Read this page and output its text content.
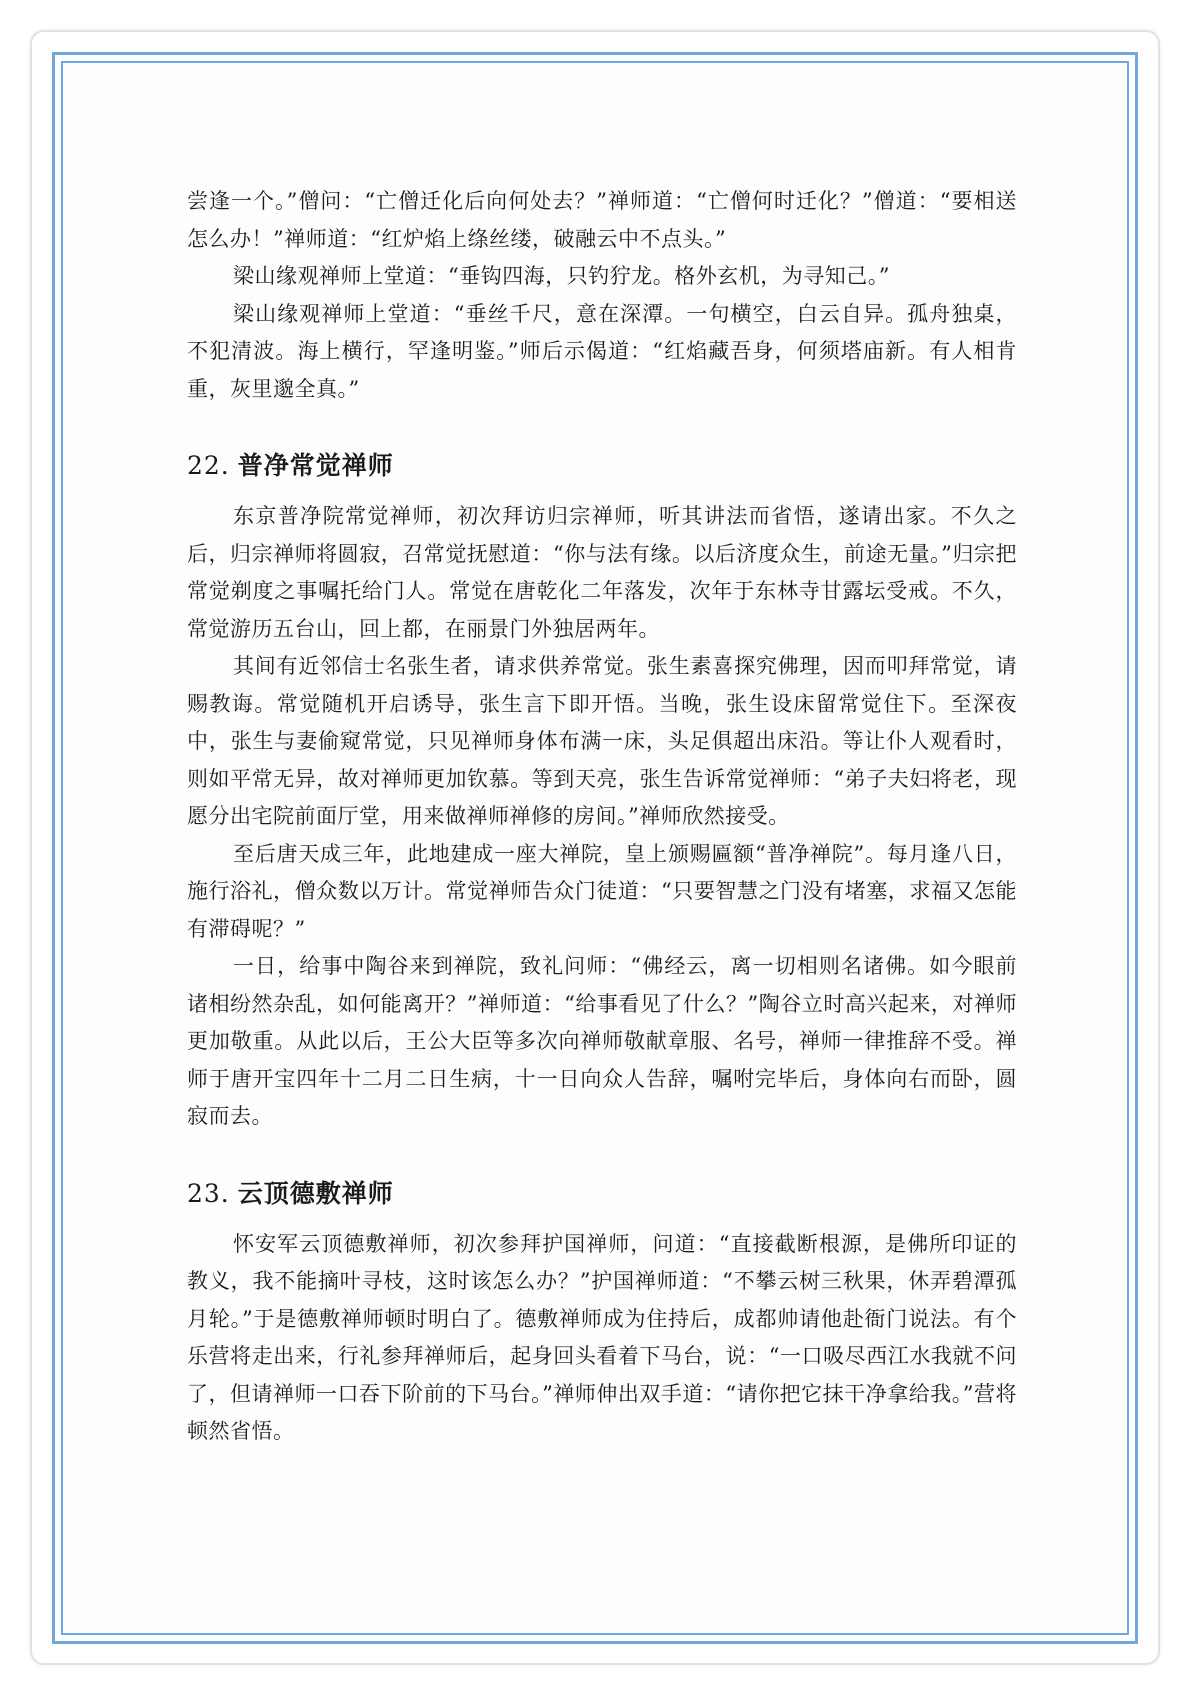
尝逢一个。”僧问：“亡僧迁化后向何处去？”禅师道：“亡僧何时迁化？”僧道：“要相送怎么办！”禅师道：“红炉焰上绦丝缕，破融云中不点头。”

梁山缘观禅师上堂道：“垂钩四海，只钓狞龙。格外玄机，为寻知己。”

梁山缘观禅师上堂道：“垂丝千尺，意在深潭。一句横空，白云自异。孤舟独桌，不犯清波。海上横行，罕逢明鉴。”师后示偈道：“红焰藏吾身，何须塔庙新。有人相肯重，灰里邈全真。”

22. 普净常觉禅师

东京普净院常觉禅师，初次拜访归宗禅师，听其讲法而省悟，遂请出家。不久之后，归宗禅师将圆寂，召常觉抚慰道：“你与法有缘。以后济度众生，前途无量。”归宗把常觉剃度之事嘱托给门人。常觉在唐乾化二年落发，次年于东林寺甘露坛受戒。不久，常觉游历五台山，回上都，在丽景门外独居两年。

其间有近邻信士名张生者，请求供养常觉。张生素喜探究佛理，因而叩拜常觉，请赐教诲。常觉随机开启诱导，张生言下即开悟。当晚，张生设床留常觉住下。至深夜中，张生与妻偷窥常觉，只见禅师身体布满一床，头足俱超出床沿。等让仆人观看时，则如平常无异，故对禅师更加钦慕。等到天亮，张生告诉常觉禅师：“弟子夫妇将老，现愿分出宅院前面厅堂，用来做禅师禅修的房间。”禅师欣然接受。

至后唐天成三年，此地建成一座大禅院，皇上颁赐匾额“普净禅院”。每月逢八日，施行浴礼，僧众数以万计。常觉禅师告众门徒道：“只要智慧之门没有堵塞，求福又怎能有滞碍呢？”

一日，给事中陶谷来到禅院，致礼问师：“佛经云，离一切相则名诸佛。如今眼前诸相纷然杂乱，如何能离开？”禅师道：“给事看见了什么？”陶谷立时高兴起来，对禅师更加敬重。从此以后，王公大臣等多次向禅师敬献章服、名号，禅师一律推辞不受。禅师于唐开宝四年十二月二日生病，十一日向众人告辞，嘱咐完毕后，身体向右而卧，圆寂而去。

23. 云顶德敷禅师

怀安军云顶德敷禅师，初次参拜护国禅师，问道：“直接截断根源，是佛所印证的教义，我不能摘叶寻枝，这时该怎么办？”护国禅师道：“不攀云树三秋果，休弄碧潭孤月轮。”于是德敷禅师顿时明白了。德敷禅师成为住持后，成都帅请他赴衙门说法。有个乐营将走出来，行礼参拜禅师后，起身回头看着下马台，说：“一口吸尽西江水我就不问了，但请禅师一口吞下阶前的下马台。”禅师伸出双手道：“请你把它抹干净拿给我。”营将顿然省悟。
